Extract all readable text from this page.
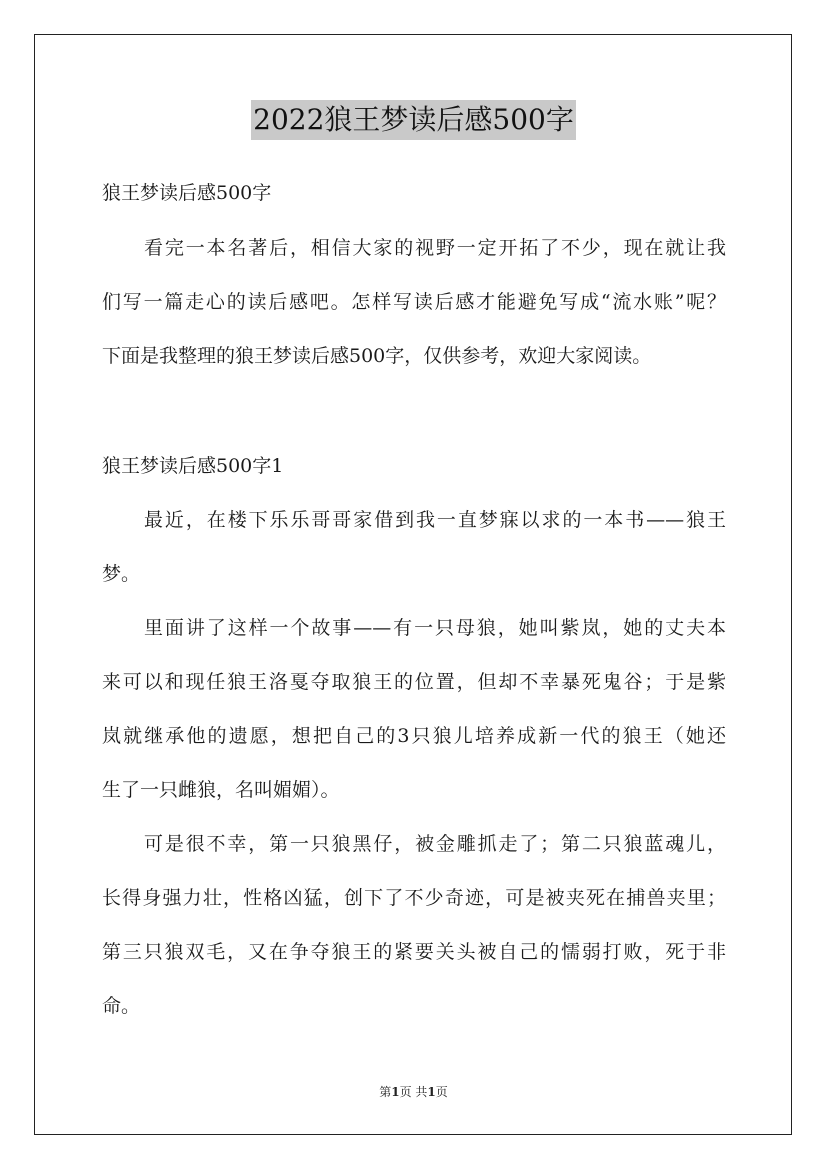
2022狼王梦读后感500字
狼王梦读后感500字
看完一本名著后，相信大家的视野一定开拓了不少，现在就让我
们写一篇走心的读后感吧。怎样写读后感才能避免写成“流水账”呢？
下面是我整理的狼王梦读后感500字，仅供参考，欢迎大家阅读。
狼王梦读后感500字1
最近，在楼下乐乐哥哥家借到我一直梦寐以求的一本书——狼王
梦。
里面讲了这样一个故事——有一只母狼，她叫紫岚，她的丈夫本
来可以和现任狼王洛戛夺取狼王的位置，但却不幸暴死鬼谷；于是紫
岚就继承他的遗愿，想把自己的3只狼儿培养成新一代的狼王（她还
生了一只雌狼，名叫媚媚）。
可是很不幸，第一只狼黑仔，被金雕抓走了；第二只狼蓝魂儿，
长得身强力壮，性格凶猛，创下了不少奇迹，可是被夹死在捕兽夹里；
第三只狼双毛，又在争夺狼王的紧要关头被自己的懦弱打败，死于非
命。
第1页 共1页
